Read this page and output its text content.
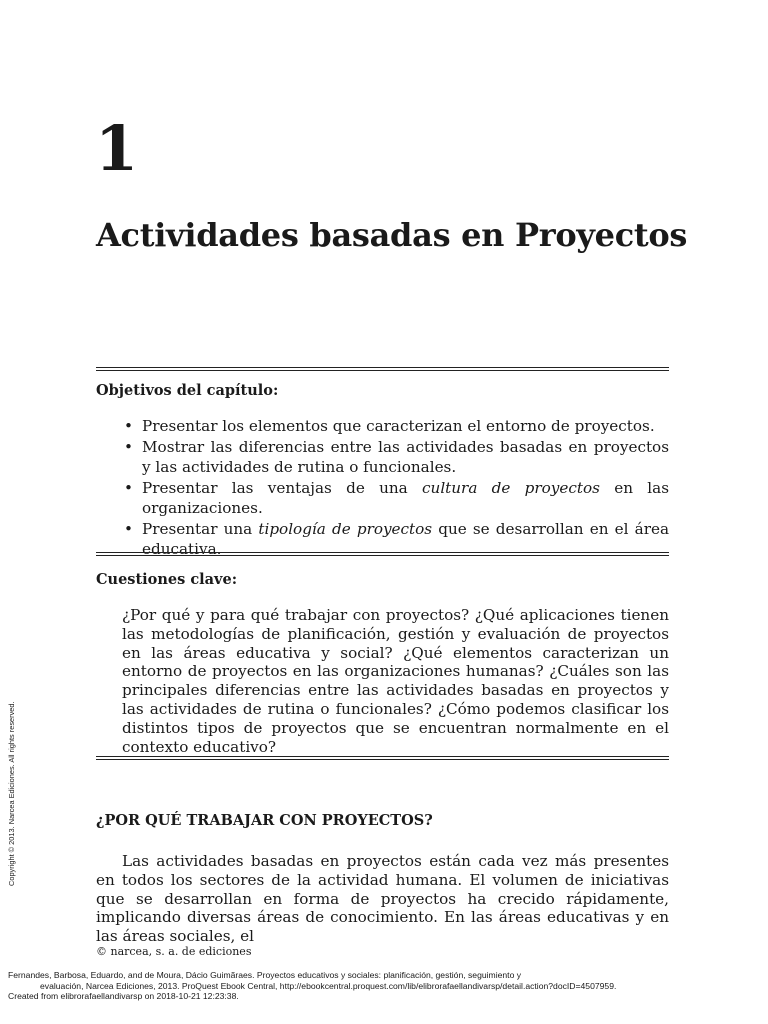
1
Actividades basadas en Proyectos
Objetivos del capítulo:
• Presentar los elementos que caracterizan el entorno de proyectos.
• Mostrar las diferencias entre las actividades basadas en proyectos y las actividades de rutina o funcionales.
• Presentar las ventajas de una cultura de proyectos en las organizaciones.
• Presentar una tipología de proyectos que se desarrollan en el área educativa.
Cuestiones clave:

¿Por qué y para qué trabajar con proyectos? ¿Qué aplicaciones tienen las metodologías de planificación, gestión y evaluación de proyectos en las áreas educativa y social? ¿Qué elementos caracterizan un entorno de proyectos en las organizaciones humanas? ¿Cuáles son las principales diferencias entre las actividades basadas en proyectos y las actividades de rutina o funcionales? ¿Cómo podemos clasificar los distintos tipos de proyectos que se encuentran normalmente en el contexto educativo?

¿POR QUÉ TRABAJAR CON PROYECTOS?

Las actividades basadas en proyectos están cada vez más presentes en todos los sectores de la actividad humana. El volumen de iniciativas que se desarrollan en forma de proyectos ha crecido rápidamente, implicando diversas áreas de conocimiento. En las áreas educativas y en las áreas sociales, el

© narcea, s. a. de ediciones
Copyright © 2013. Narcea Ediciones. All rights reserved.
Fernandes, Barbosa, Eduardo, and de Moura, Dácio Guimãraes. Proyectos educativos y sociales: planificación, gestión, seguimiento y
evaluación, Narcea Ediciones, 2013. ProQuest Ebook Central, http://ebookcentral.proquest.com/lib/elibrorafaellandivarsp/detail.action?docID=4507959.
Created from elibrorafaellandivarsp on 2018-10-21 12:23:38.
